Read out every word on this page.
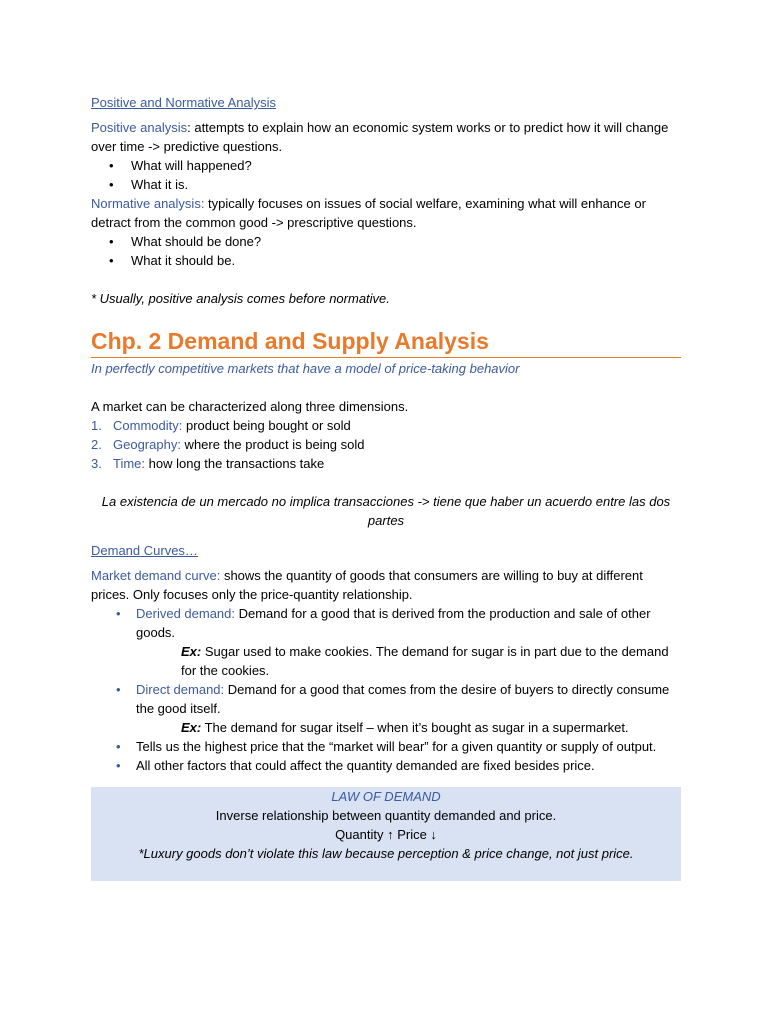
Positive and Normative Analysis

Positive analysis: attempts to explain how an economic system works or to predict how it will change over time -> predictive questions.

• What will happened?
• What it is.

Normative analysis: typically focuses on issues of social welfare, examining what will enhance or detract from the common good -> prescriptive questions.

• What should be done?
• What it should be.

* Usually, positive analysis comes before normative.

Chp. 2 Demand and Supply Analysis
In perfectly competitive markets that have a model of price-taking behavior

A market can be characterized along three dimensions.

1. Commodity: product being bought or sold
2. Geography: where the product is being sold
3. Time: how long the transactions take

La existencia de un mercado no implica transacciones -> tiene que haber un acuerdo entre las dos partes

Demand Curves…

Market demand curve: shows the quantity of goods that consumers are willing to buy at different prices. Only focuses only the price-quantity relationship.

• Derived demand: Demand for a good that is derived from the production and sale of other goods.
Ex: Sugar used to make cookies. The demand for sugar is in part due to the demand for the cookies.
• Direct demand: Demand for a good that comes from the desire of buyers to directly consume the good itself.
Ex: The demand for sugar itself – when it’s bought as sugar in a supermarket.
• Tells us the highest price that the “market will bear” for a given quantity or supply of output.
• All other factors that could affect the quantity demanded are fixed besides price.
LAW OF DEMAND
Inverse relationship between quantity demanded and price.
Quantity ↑ Price ↓
*Luxury goods don’t violate this law because perception & price change, not just price.
